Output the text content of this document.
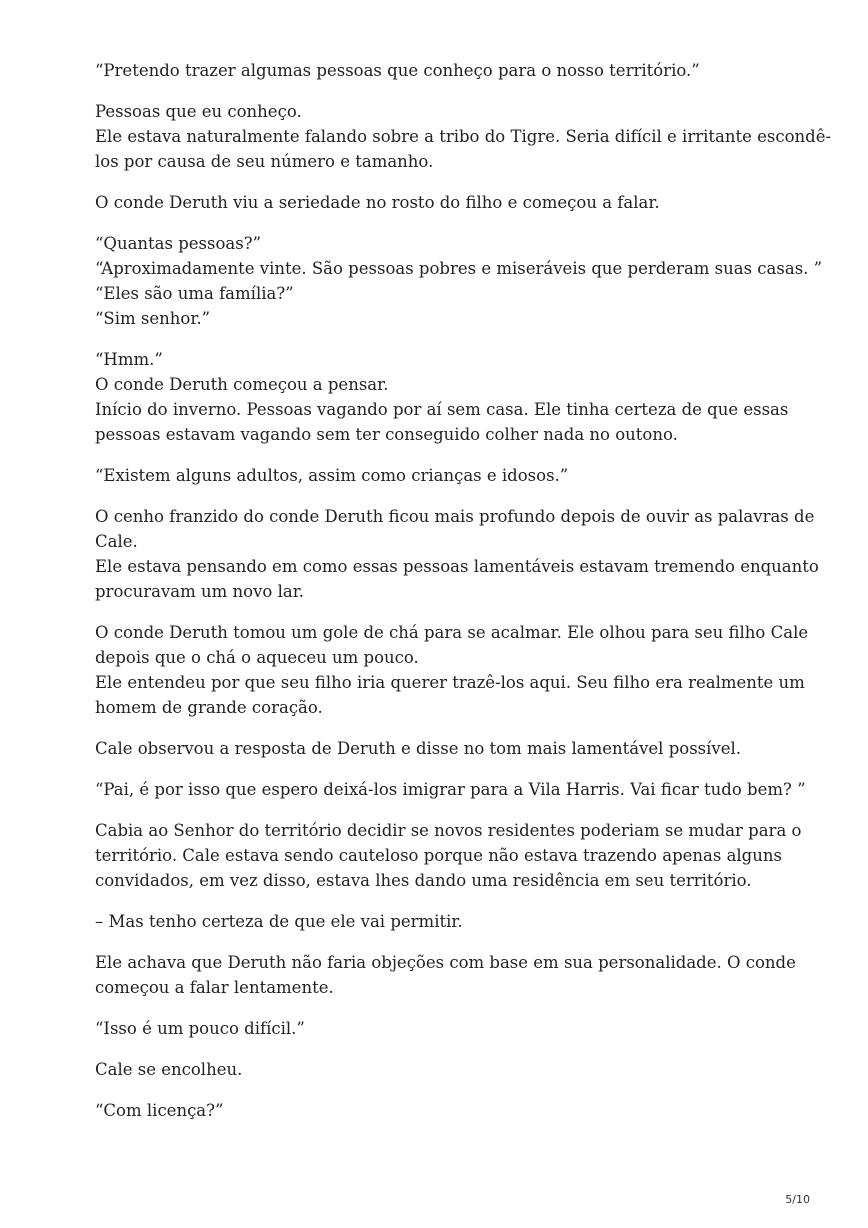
“Pretendo trazer algumas pessoas que conheço para o nosso território.”

Pessoas que eu conheço.
Ele estava naturalmente falando sobre a tribo do Tigre. Seria difícil e irritante escondê-
los por causa de seu número e tamanho.

O conde Deruth viu a seriedade no rosto do filho e começou a falar.

“Quantas pessoas?”
“Aproximadamente vinte. São pessoas pobres e miseráveis que perderam suas casas. ”
“Eles são uma família?”
“Sim senhor.”

“Hmm.”
O conde Deruth começou a pensar.
Início do inverno. Pessoas vagando por aí sem casa. Ele tinha certeza de que essas
pessoas estavam vagando sem ter conseguido colher nada no outono.

“Existem alguns adultos, assim como crianças e idosos.”

O cenho franzido do conde Deruth ficou mais profundo depois de ouvir as palavras de
Cale.
Ele estava pensando em como essas pessoas lamentáveis estavam tremendo enquanto
procuravam um novo lar.

O conde Deruth tomou um gole de chá para se acalmar. Ele olhou para seu filho Cale
depois que o chá o aqueceu um pouco.
Ele entendeu por que seu filho iria querer trazê-los aqui. Seu filho era realmente um
homem de grande coração.

Cale observou a resposta de Deruth e disse no tom mais lamentável possível.

“Pai, é por isso que espero deixá-los imigrar para a Vila Harris. Vai ficar tudo bem? ”

Cabia ao Senhor do território decidir se novos residentes poderiam se mudar para o
território. Cale estava sendo cauteloso porque não estava trazendo apenas alguns
convidados, em vez disso, estava lhes dando uma residência em seu território.

– Mas tenho certeza de que ele vai permitir.

Ele achava que Deruth não faria objeções com base em sua personalidade. O conde
começou a falar lentamente.

“Isso é um pouco difícil.”

Cale se encolheu.

“Com licença?”

5/10
